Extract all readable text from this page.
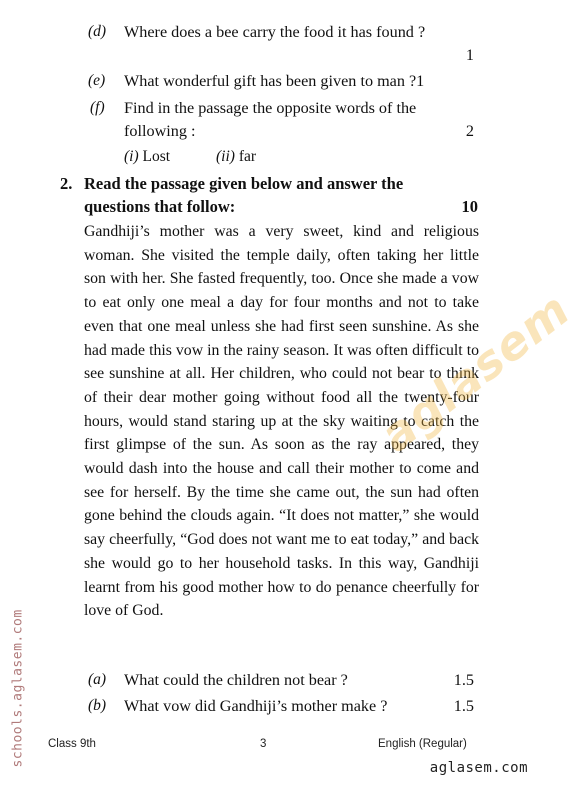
(d) Where does a bee carry the food it has found ?
1
(e) What wonderful gift has been given to man ?1
(f) Find in the passage the opposite words of the
following :	2
(i) Lost	(ii) far
2. Read the passage given below and answer the
questions that follow:	10
Gandhiji’s mother was a very sweet, kind and religious woman. She visited the temple daily, often taking her little son with her. She fasted frequently, too. Once she made a vow to eat only one meal a day for four months and not to take even that one meal unless she had first seen sunshine. As she had made this vow in the rainy season. It was often difficult to see sunshine at all. Her children, who could not bear to think of their dear mother going without food all the twenty-four hours, would stand staring up at the sky waiting to catch the first glimpse of the sun. As soon as the ray appeared, they would dash into the house and call their mother to come and see for herself. By the time she came out, the sun had often gone behind the clouds again. “It does not matter,” she would say cheerfully, “God does not want me to eat today,” and back she would go to her household tasks. In this way, Gandhiji learnt from his good mother how to do penance cheerfully for love of God.
(a) What could the children not bear ?	1.5
(b) What vow did Gandhiji’s mother make ?	1.5
Class 9th	3	English (Regular)
aglasem
schools.aglasem.com
aglasem.com
